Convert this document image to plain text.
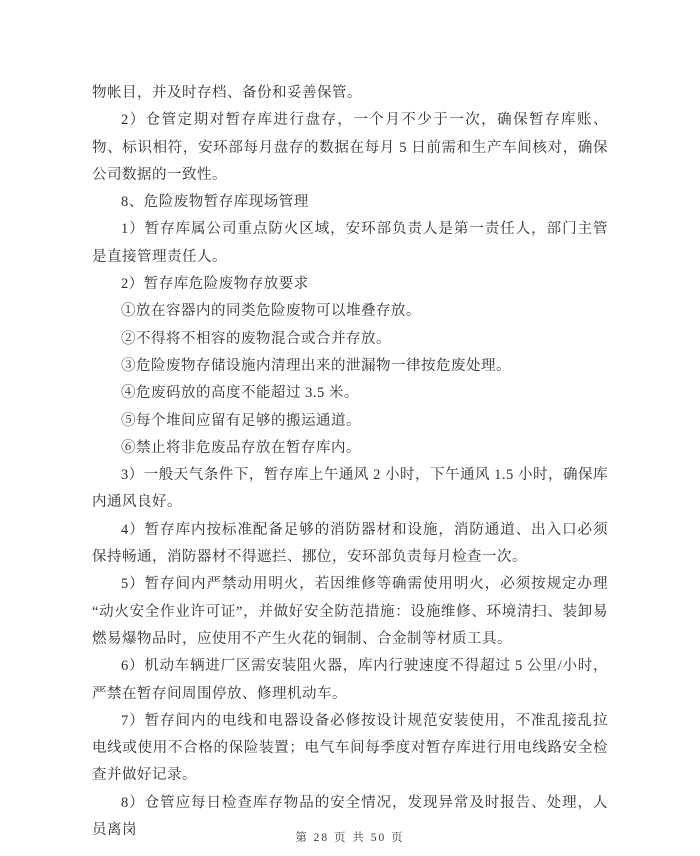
物帐目，并及时存档、备份和妥善保管。

2）仓管定期对暂存库进行盘存，一个月不少于一次，确保暂存库账、物、标识相符，安环部每月盘存的数据在每月 5 日前需和生产车间核对，确保公司数据的一致性。

8、危险废物暂存库现场管理

1）暂存库属公司重点防火区域，安环部负责人是第一责任人，部门主管是直接管理责任人。

2）暂存库危险废物存放要求

①放在容器内的同类危险废物可以堆叠存放。

②不得将不相容的废物混合或合并存放。

③危险废物存储设施内清理出来的泄漏物一律按危废处理。

④危废码放的高度不能超过 3.5 米。

⑤每个堆间应留有足够的搬运通道。

⑥禁止将非危废品存放在暂存库内。

3）一般天气条件下，暂存库上午通风 2 小时，下午通风 1.5 小时，确保库内通风良好。

4）暂存库内按标准配备足够的消防器材和设施，消防通道、出入口必须保持畅通，消防器材不得遮拦、挪位，安环部负责每月检查一次。

5）暂存间内严禁动用明火，若因维修等确需使用明火，必须按规定办理“动火安全作业许可证”，并做好安全防范措施：设施维修、环境清扫、装卸易燃易爆物品时，应使用不产生火花的铜制、合金制等材质工具。

6）机动车辆进厂区需安装阻火器，库内行驶速度不得超过 5 公里/小时，严禁在暂存间周围停放、修理机动车。

7）暂存间内的电线和电器设备必修按设计规范安装使用，不准乱接乱拉电线或使用不合格的保险装置；电气车间每季度对暂存库进行用电线路安全检查并做好记录。

8）仓管应每日检查库存物品的安全情况，发现异常及时报告、处理，人员离岗	第 28 页 共 50 页
